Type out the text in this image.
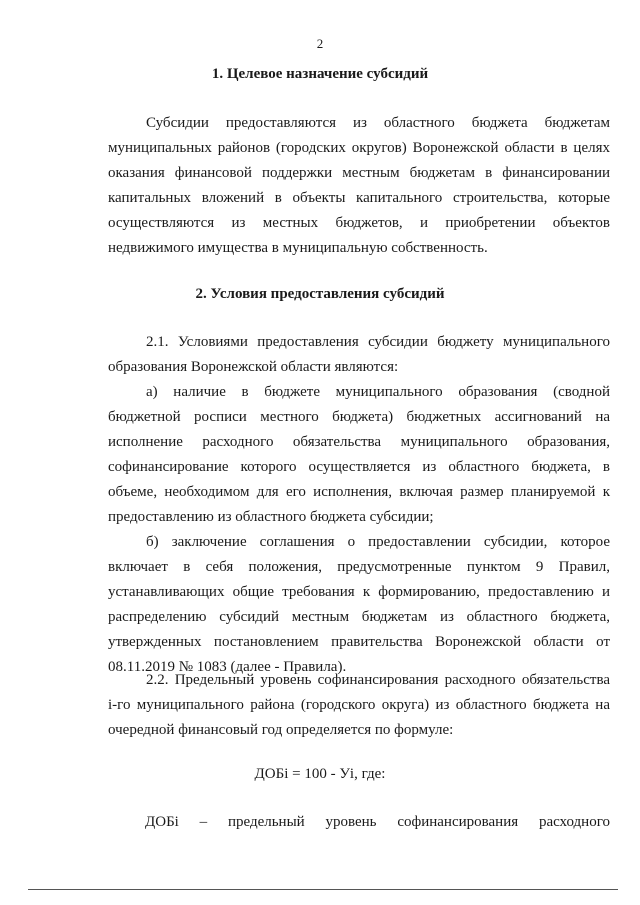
2
1. Целевое назначение субсидий
Субсидии предоставляются из областного бюджета бюджетам муниципальных районов (городских округов) Воронежской области в целях оказания финансовой поддержки местным бюджетам в финансировании капитальных вложений в объекты капитального строительства, которые осуществляются из местных бюджетов, и приобретении объектов недвижимого имущества в муниципальную собственность.
2. Условия предоставления субсидий
2.1. Условиями предоставления субсидии бюджету муниципального образования Воронежской области являются:
а) наличие в бюджете муниципального образования (сводной бюджетной росписи местного бюджета) бюджетных ассигнований на исполнение расходного обязательства муниципального образования, софинансирование которого осуществляется из областного бюджета, в объеме, необходимом для его исполнения, включая размер планируемой к предоставлению из областного бюджета субсидии;
б) заключение соглашения о предоставлении субсидии, которое включает в себя положения, предусмотренные пунктом 9 Правил, устанавливающих общие требования к формированию, предоставлению и распределению субсидий местным бюджетам из областного бюджета, утвержденных постановлением правительства Воронежской области от 08.11.2019 № 1083 (далее - Правила).
2.2. Предельный уровень софинансирования расходного обязательства i-го муниципального района (городского округа) из областного бюджета на очередной финансовый год определяется по формуле:
ДОБi = 100 - Уi, где:
ДОБi – предельный уровень софинансирования расходного
